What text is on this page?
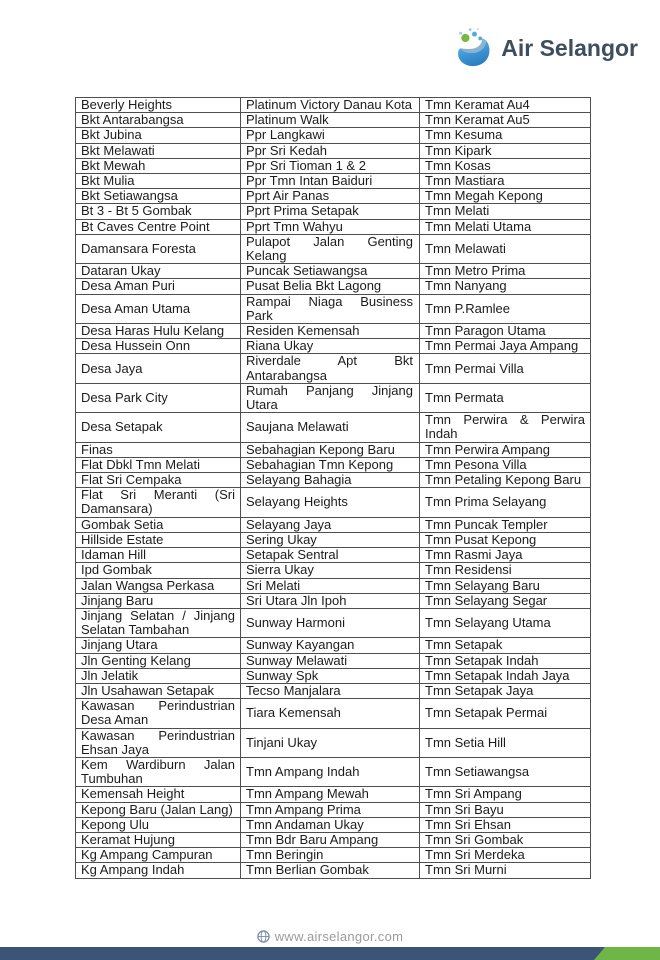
Air Selangor
Beverly Heights	Platinum Victory Danau Kota	Tmn Keramat Au4
Bkt Antarabangsa	Platinum Walk	Tmn Keramat Au5
Bkt Jubina	Ppr Langkawi	Tmn Kesuma
Bkt Melawati	Ppr Sri Kedah	Tmn Kipark
Bkt Mewah	Ppr Sri Tioman 1 & 2	Tmn Kosas
Bkt Mulia	Ppr Tmn Intan Baiduri	Tmn Mastiara
Bkt Setiawangsa	Pprt Air Panas	Tmn Megah Kepong
Bt 3 - Bt 5 Gombak	Pprt Prima Setapak	Tmn Melati
Bt Caves Centre Point	Pprt Tmn Wahyu	Tmn Melati Utama
Damansara Foresta	Pulapot Jalan Genting Kelang	Tmn Melawati
Dataran Ukay	Puncak Setiawangsa	Tmn Metro Prima
Desa Aman Puri	Pusat Belia Bkt Lagong	Tmn Nanyang
Desa Aman Utama	Rampai Niaga Business Park	Tmn P.Ramlee
Desa Haras Hulu Kelang	Residen Kemensah	Tmn Paragon Utama
Desa Hussein Onn	Riana Ukay	Tmn Permai Jaya Ampang
Desa Jaya	Riverdale Apt Bkt Antarabangsa	Tmn Permai Villa
Desa Park City	Rumah Panjang Jinjang Utara	Tmn Permata
Desa Setapak	Saujana Melawati	Tmn Perwira & Perwira Indah
Finas	Sebahagian Kepong Baru	Tmn Perwira Ampang
Flat Dbkl Tmn Melati	Sebahagian Tmn Kepong	Tmn Pesona Villa
Flat Sri Cempaka	Selayang Bahagia	Tmn Petaling Kepong Baru
Flat Sri Meranti (Sri Damansara)	Selayang Heights	Tmn Prima Selayang
Gombak Setia	Selayang Jaya	Tmn Puncak Templer
Hillside Estate	Sering Ukay	Tmn Pusat Kepong
Idaman Hill	Setapak Sentral	Tmn Rasmi Jaya
Ipd Gombak	Sierra Ukay	Tmn Residensi
Jalan Wangsa Perkasa	Sri Melati	Tmn Selayang Baru
Jinjang Baru	Sri Utara Jln Ipoh	Tmn Selayang Segar
Jinjang Selatan / Jinjang Selatan Tambahan	Sunway Harmoni	Tmn Selayang Utama
Jinjang Utara	Sunway Kayangan	Tmn Setapak
Jln Genting Kelang	Sunway Melawati	Tmn Setapak Indah
Jln Jelatik	Sunway Spk	Tmn Setapak Indah Jaya
Jln Usahawan Setapak	Tecso Manjalara	Tmn Setapak Jaya
Kawasan Perindustrian Desa Aman	Tiara Kemensah	Tmn Setapak Permai
Kawasan Perindustrian Ehsan Jaya	Tinjani Ukay	Tmn Setia Hill
Kem Wardiburn Jalan Tumbuhan	Tmn Ampang Indah	Tmn Setiawangsa
Kemensah Height	Tmn Ampang Mewah	Tmn Sri Ampang
Kepong Baru (Jalan Lang)	Tmn Ampang Prima	Tmn Sri Bayu
Kepong Ulu	Tmn Andaman Ukay	Tmn Sri Ehsan
Keramat Hujung	Tmn Bdr Baru Ampang	Tmn Sri Gombak
Kg Ampang Campuran	Tmn Beringin	Tmn Sri Merdeka
Kg Ampang Indah	Tmn Berlian Gombak	Tmn Sri Murni
www.airselangor.com
